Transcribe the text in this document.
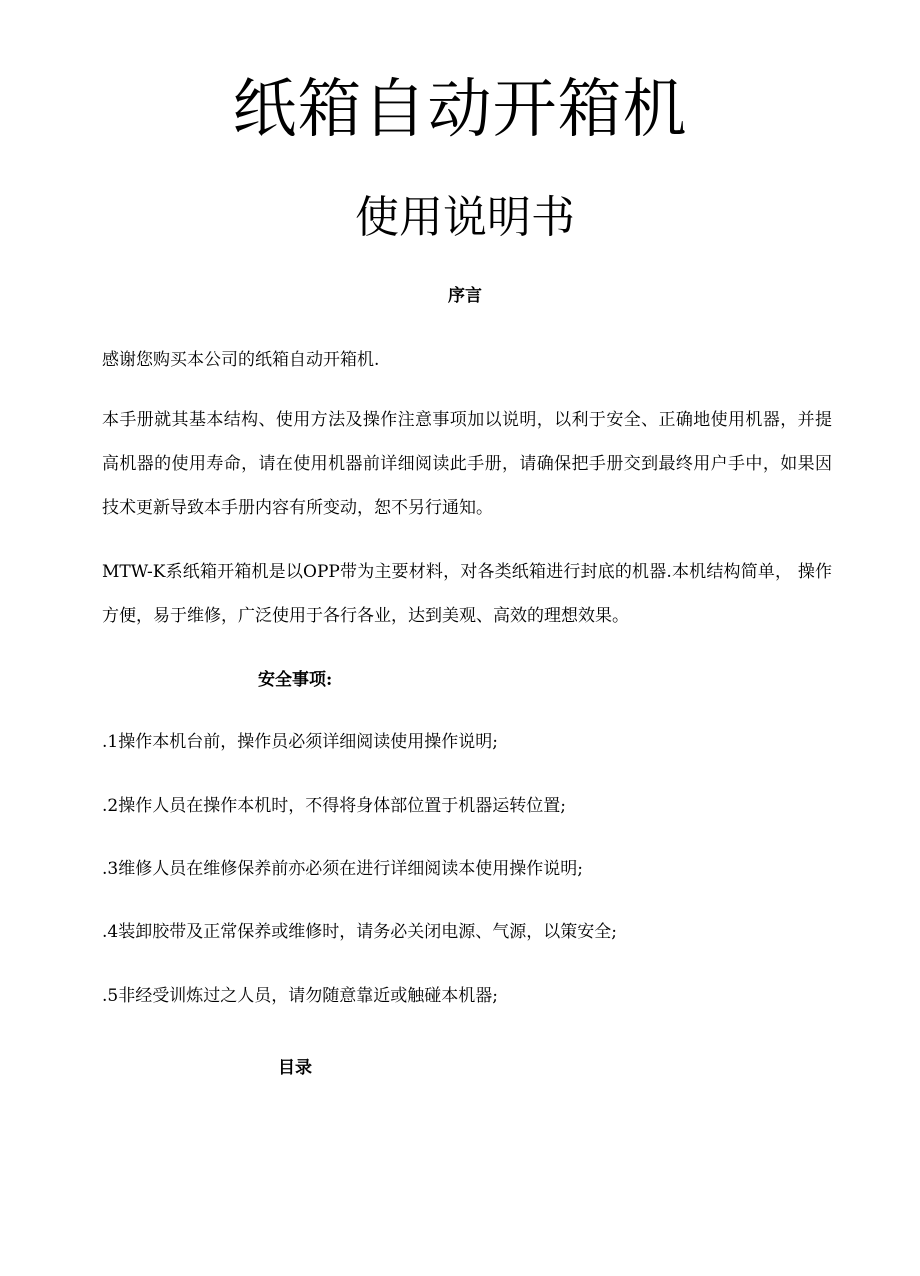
纸箱自动开箱机
使用说明书
序言
感谢您购买本公司的纸箱自动开箱机.
本手册就其基本结构、使用方法及操作注意事项加以说明，以利于安全、正确地使用机器，并提高机器的使用寿命，请在使用机器前详细阅读此手册，请确保把手册交到最终用户手中，如果因技术更新导致本手册内容有所变动，恕不另行通知。
MTW-K系纸箱开箱机是以OPP带为主要材料，对各类纸箱进行封底的机器.本机结构简单， 操作方便，易于维修，广泛使用于各行各业，达到美观、高效的理想效果。
安全事项:
.1操作本机台前，操作员必须详细阅读使用操作说明;
.2操作人员在操作本机时，不得将身体部位置于机器运转位置;
.3维修人员在维修保养前亦必须在进行详细阅读本使用操作说明;
.4装卸胶带及正常保养或维修时，请务必关闭电源、气源，以策安全;
.5非经受训炼过之人员，请勿随意靠近或触碰本机器;
目录
